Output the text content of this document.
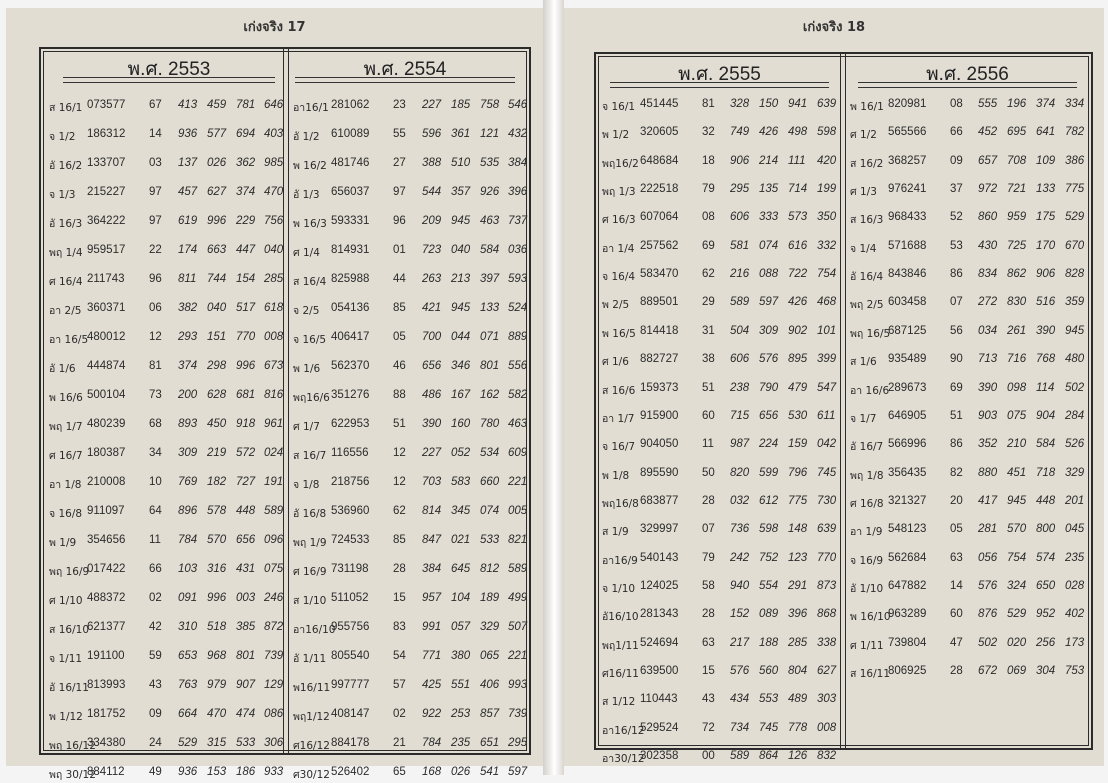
เก่งจริง 17
พ.ศ. 2553
ส 16/1 073577 67 413 459 781 646
จ 1/2 186312 14 936 577 694 403
อั 16/2 133707 03 137 026 362 985
จ 1/3 215227 97 457 627 374 470
อั 16/3 364222 97 619 996 229 756
พฤ 1/4 959517 22 174 663 447 040
ศ 16/4 211743 96 811 744 154 285
อา 2/5 360371 06 382 040 517 618
อา 16/5
480012 12 293 151 770 008
อั 1/6 444874 81 374 298 996 673
พ 16/6 500104 73 200 628 681 816
พฤ 1/7 480239 68 893 450 918 961
ศ 16/7 180387 34 309 219 572 024
อา 1/8 210008 10 769 182 727 191
จ 16/8 911097 64 896 578 448 589
พ 1/9 354656 11 784 570 656 096
พฤ 16/9
017422 66 103 316 431 075
ศ 1/10 488372 02 091 996 003 246
ส 16/10
621377 42 310 518 385 872
จ 1/11 191100 59 653 968 801 739
อั 16/11
813993 43 763 979 907 129
พ 1/12 181752 09 664 470 474 086
พฤ 16/12
334380 24 529 315 533 306
พฤ 30/12
884112 49 936 153 186 933
พ.ศ. 2554
อา16/1 281062 23 227 185 758 546
อั 1/2 610089 55 596 361 121 432
พ 16/2 481746 27 388 510 535 384
อั 1/3 656037 97 544 357 926 396
พ 16/3 593331 96 209 945 463 737
ศ 1/4 814931 01 723 040 584 036
ส 16/4 825988 44 263 213 397 593
จ 2/5 054136 85 421 945 133 524
จ 16/5 406417 05 700 044 071 889
พ 1/6 562370 46 656 346 801 556
พฤ16/6 351276 88 486 167 162 582
ศ 1/7 622953 51 390 160 780 463
ส 16/7 116556 12 227 052 534 609
จ 1/8 218756 12 703 583 660 221
อั 16/8 536960 62 814 345 074 005
พฤ 1/9 724533 85 847 021 533 821
ศ 16/9 731198 28 384 645 812 589
ส 1/10 511052 15 957 104 189 499
อา16/10
955756 83 991 057 329 507
อั 1/11 805540 54 771 380 065 221
พ16/11 997777 57 425 551 406 993
พฤ1/12 408147 02 922 253 857 739
ศ16/12 884178 21 784 235 651 295
ศ30/12 526402 65 168 026 541 597
เก่งจริง 18
พ.ศ. 2555
จ 16/1 451445 81 328 150 941 639
พ 1/2 320605 32 749 426 498 598
พฤ16/2 648684 18 906 214 111 420
พฤ 1/3 222518 79 295 135 714 199
ศ 16/3 607064 08 606 333 573 350
อา 1/4 257562 69 581 074 616 332
จ 16/4 583470 62 216 088 722 754
พ 2/5 889501 29 589 597 426 468
พ 16/5 814418 31 504 309 902 101
ศ 1/6 882727 38 606 576 895 399
ส 16/6 159373 51 238 790 479 547
อา 1/7 915900 60 715 656 530 611
จ 16/7 904050 11 987 224 159 042
พ 1/8 895590 50 820 599 796 745
พฤ16/8 683877 28 032 612 775 730
ส 1/9 329997 07 736 598 148 639
อา16/9 540143 79 242 752 123 770
จ 1/10 124025 58 940 554 291 873
อั16/10 281343 28 152 089 396 868
พฤ1/11 524694 63 217 188 285 338
ศ16/11 639500 15 576 560 804 627
ส 1/12 110443 43 434 553 489 303
อา16/12
529524 72 734 745 778 008
อา30/12
302358 00 589 864 126 832
พ.ศ. 2556
พ 16/1 820981 08 555 196 374 334
ศ 1/2 565566 66 452 695 641 782
ส 16/2 368257 09 657 708 109 386
ศ 1/3 976241 37 972 721 133 775
ส 16/3 968433 52 860 959 175 529
จ 1/4 571688 53 430 725 170 670
อั 16/4 843846 86 834 862 906 828
พฤ 2/5 603458 07 272 830 516 359
พฤ 16/5
687125 56 034 261 390 945
ส 1/6 935489 90 713 716 768 480
อา 16/6
289673 69 390 098 114 502
จ 1/7 646905 51 903 075 904 284
อั 16/7 566996 86 352 210 584 526
พฤ 1/8 356435 82 880 451 718 329
ศ 16/8 321327 20 417 945 448 201
อา 1/9 548123 05 281 570 800 045
จ 16/9 562684 63 056 754 574 235
อั 1/10 647882 14 576 324 650 028
พ 16/10
963289 60 876 529 952 402
ศ 1/11 739804 47 502 020 256 173
ส 16/11
806925 28 672 069 304 753
